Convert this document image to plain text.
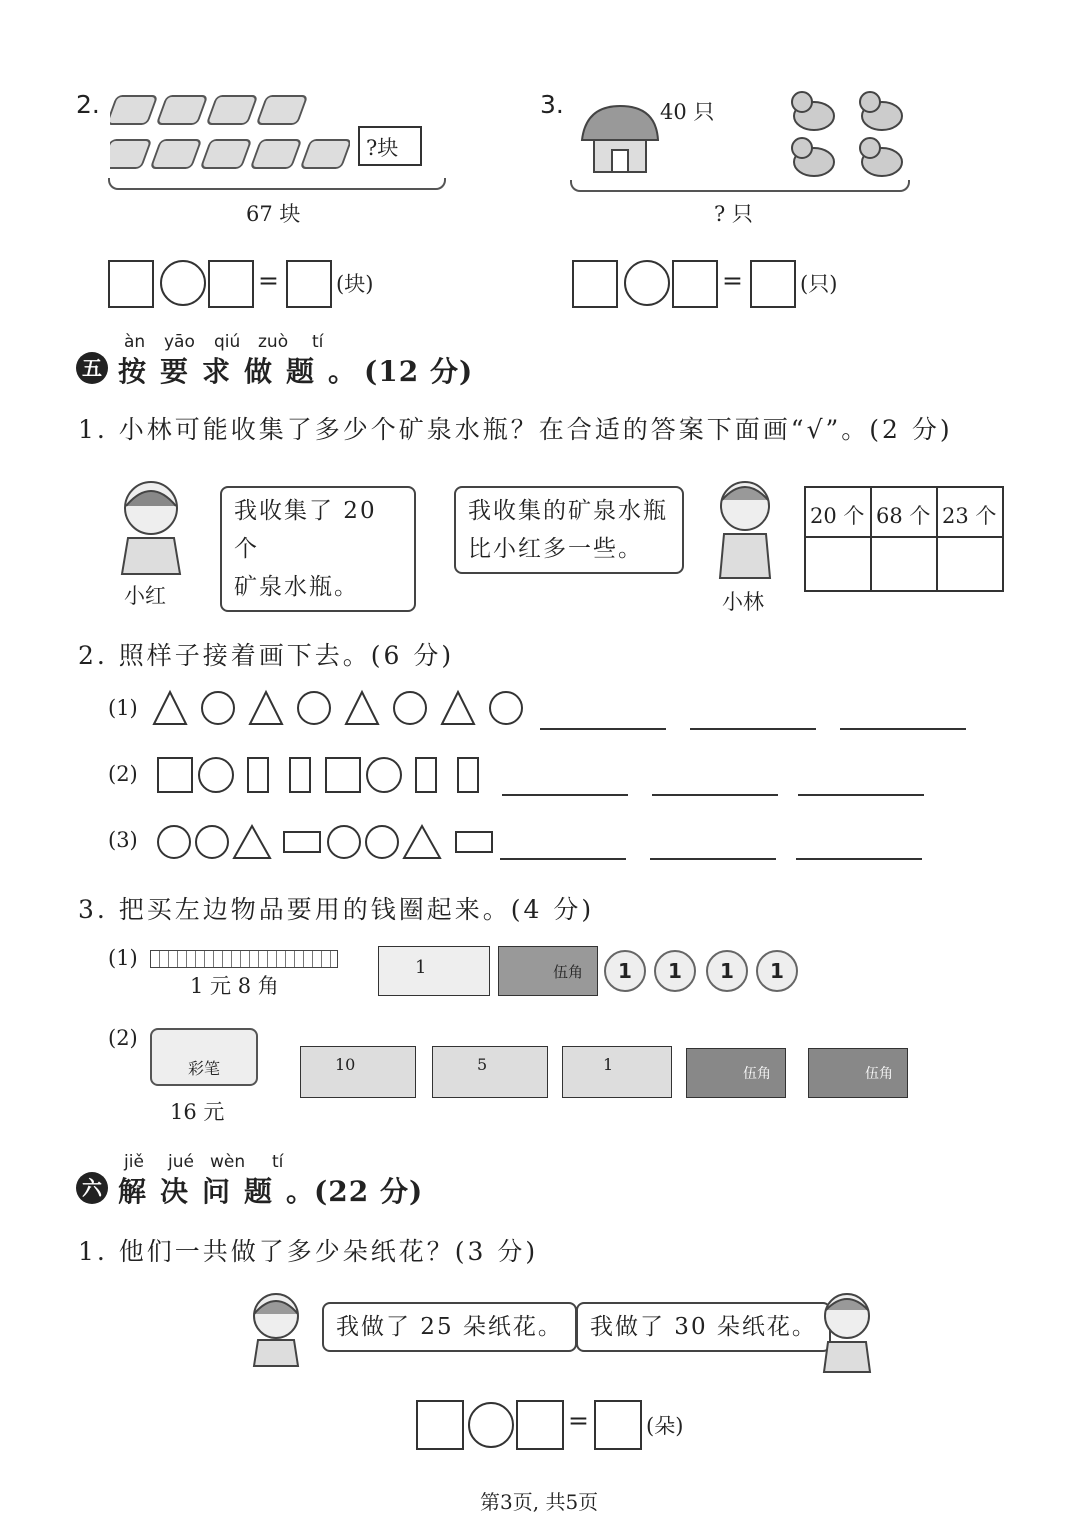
2.
?块
67 块
=	(块)
3.	40 只
? 只
=	(只)
àn yāo qiú zuò tí
五 按要求做题。
(12 分)
1. 小林可能收集了多少个矿泉水瓶？在合适的答案下面画“√”。(2 分)
小红
我收集了 20 个
矿泉水瓶。
我收集的矿泉水瓶
比小红多一些。
小林
20 个 68 个 23 个
2. 照样子接着画下去。(6 分)
(1)
(2)
(3)
3. 把买左边物品要用的钱圈起来。(4 分)
(1)
1 元 8 角
1	伍角	1	1	1	1
(2)
彩笔
16 元
10	5	1	伍角	伍角
jiě jué wèn tí
六 解决问题。
(22 分)
1. 他们一共做了多少朵纸花？(3 分)
我做了 25 朵纸花。 我做了 30 朵纸花。
=	(朵)
第3页, 共5页
